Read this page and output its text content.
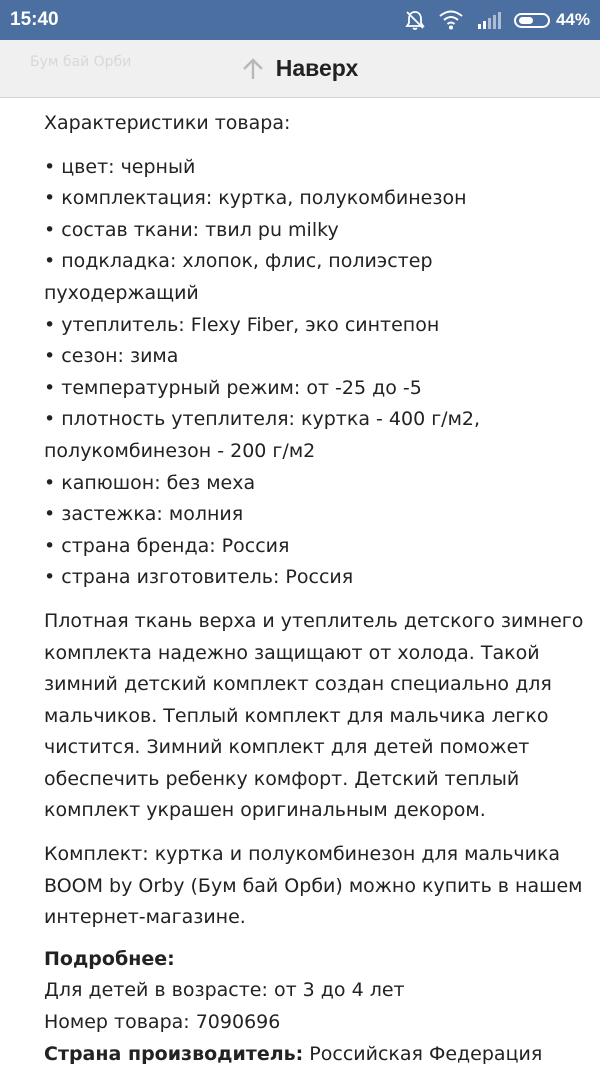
15:40	44%
Бум бай Орби	Наверх

Характеристики товара:

• цвет: черный

• комплектация: куртка, полукомбинезон

• состав ткани: твил pu milky

• подкладка: хлопок, флис, полиэстер пуходержащий

• утеплитель: Flexy Fiber, эко синтепон

• сезон: зима

• температурный режим: от -25 до -5

• плотность утеплителя: куртка - 400 г/м2, полукомбинезон - 200 г/м2

• капюшон: без меха

• застежка: молния

• страна бренда: Россия

• страна изготовитель: Россия

Плотная ткань верха и утеплитель детского зимнего комплекта надежно защищают от холода. Такой зимний детский комплект создан специально для мальчиков. Теплый комплект для мальчика легко чистится. Зимний комплект для детей поможет обеспечить ребенку комфорт. Детский теплый комплект украшен оригинальным декором.

Комплект: куртка и полукомбинезон для мальчика BOOM by Orby (Бум бай Орби) можно купить в нашем интернет-магазине.

Подробнее:

Для детей в возрасте: от 3 до 4 лет

Номер товара: 7090696

Страна производитель: Российская Федерация
